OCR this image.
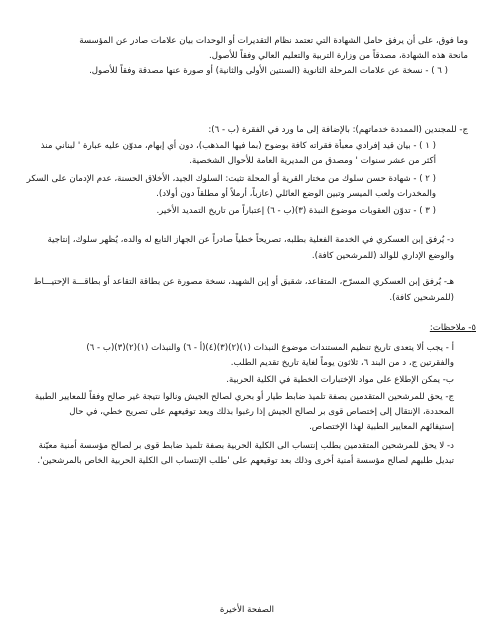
وما فوق، على أن يرفق حامل الشهادة التي تعتمد نظام التقديرات أو الوحدات بيان علامات صادر عن المؤسسة

مانحة هذه الشهادة، مصدقاً من وزارة التربية والتعليم العالي وفقاً للأصول.

( ٦ ) - نسخة عن علامات المرحلة الثانوية (السنتين الأولى والثانية) أو صورة عنها مصدقة وفقاً للأصول.

ج- للمجندين (الممددة خدماتهم): بالإضافة إلى ما ورد في الفقرة (ب - ٦):

( ١ ) - بيان قيد إفرادي معبأة فقراته كافة بوضوح (بما فيها المذهب)، دون أي إبهام، مدوّن عليه عبارة ' لبناني منذ

أكثر من عشر سنوات ' ومصدق من المديرية العامة للأحوال الشخصية.

( ٢ ) - شهادة حسن سلوك من مختار القرية أو المحلة تثبت: السلوك الجيد، الأخلاق الحسنة، عدم الإدمان على السكر

والمخدرات ولعب الميسر وتبين الوضع العائلي (عازباً، أرملاً أو مطلقاً دون أولاد).

( ٣ ) - تدوّن العقوبات موضوع النبذة (٣)(ب - ٦) إعتباراً من تاريخ التمديد الأخير.

د- يُرفق إبن العسكري في الخدمة الفعلية بطلبه، تصريحاً خطياً صادراً عن الجهاز التابع له والده، يُظهر سلوك، إنتاجية

والوضع الإداري للوالد (للمرشحين كافة).

هـ- يُرفق إبن العسكري المسرّح، المتقاعد، شقيق أو إبن الشهيد، نسخة مصورة عن بطاقة التقاعد أو بطاقـــة الإحتيـــاط

(للمرشحين كافة).

٥- ملاحظات:

أ - يجب ألا يتعدى تاريخ تنظيم المستندات موضوع النبذات (١)(٢)(٣)(٤)(أ - ٦) والنبذات (١)(٢)(٣)(ب - ٦)

والفقرتين ج، د من البند ٦، ثلاثون يوماً لغاية تاريخ تقديم الطلب.

ب- يمكن الإطلاع على مواد الإختبارات الخطية في الكلية الحربية.

ج- يحق للمرشحين المتقدمين بصفة تلميذ ضابط طيار أو بحري لصالح الجيش ونالوا نتيجة غير صالح وفقاً للمعايير الطبية

المحددة، الإنتقال إلى إختصاص قوى بر لصالح الجيش إذا رغبوا بذلك ويعد توقيعهم على تصريح خطي، في حال

إستيفائهم المعايير الطبية لهذا الإختصاص.

د- لا يحق للمرشحين المتقدمين بطلب إنتساب الى الكلية الحربية بصفة تلميذ ضابط قوى بر لصالح مؤسسة أمنية معيّنة

تبديل طلبهم لصالح مؤسسة أمنية أخرى وذلك بعد توقيعهم على 'طلب الإنتساب الى الكلية الحربية الخاص بالمرشحين'.

الصفحة الأخيرة
